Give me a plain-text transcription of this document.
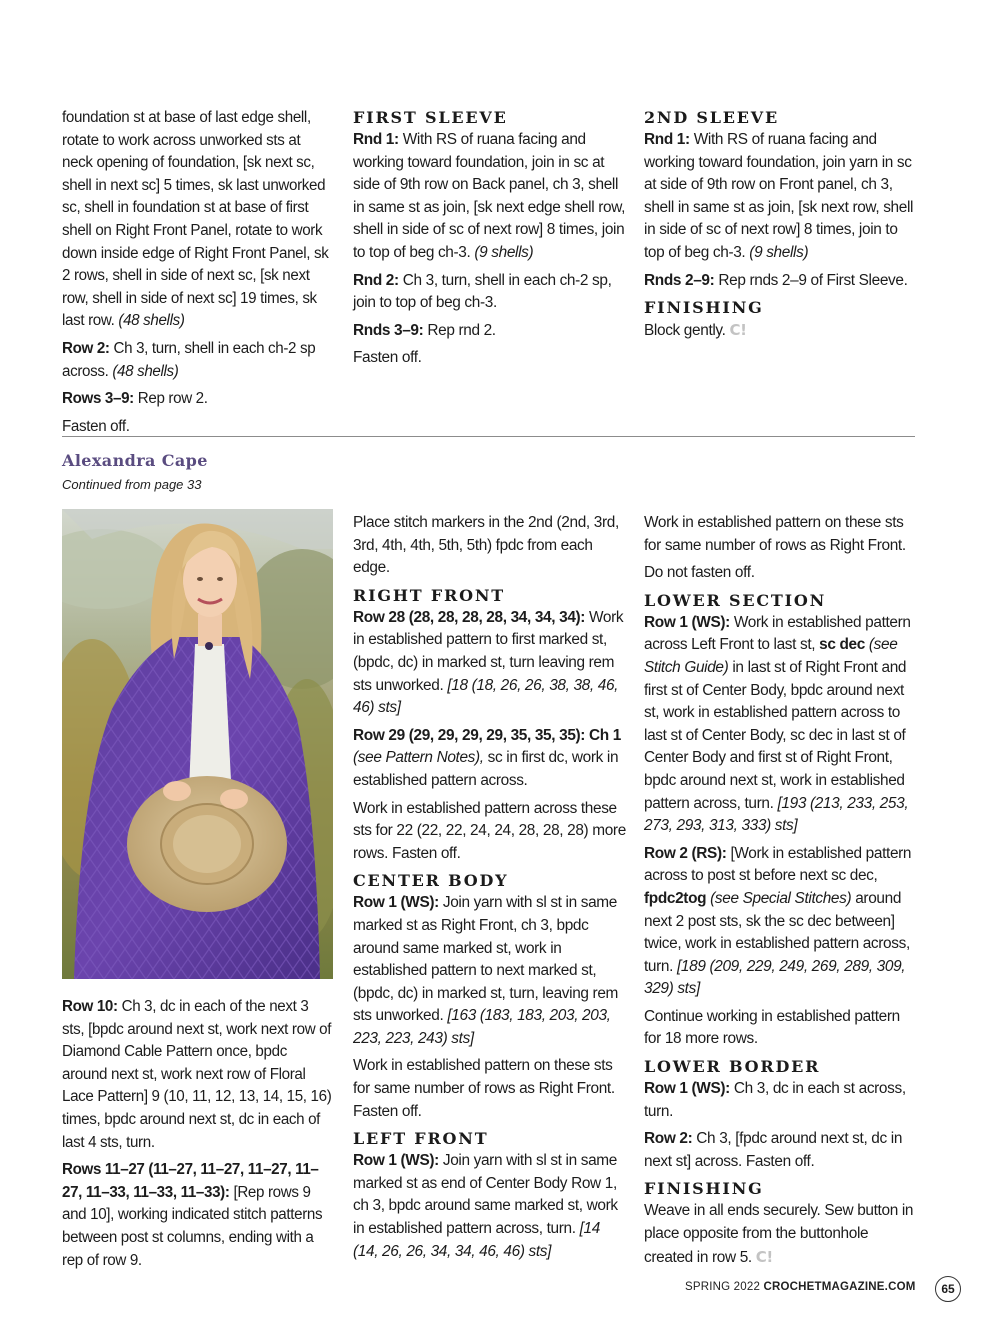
foundation st at base of last edge shell, rotate to work across unworked sts at neck opening of foundation, [sk next sc, shell in next sc] 5 times, sk last unworked sc, shell in foundation st at base of first shell on Right Front Panel, rotate to work down inside edge of Right Front Panel, sk 2 rows, shell in side of next sc, [sk next row, shell in side of next sc] 19 times, sk last row. (48 shells)

Row 2: Ch 3, turn, shell in each ch-2 sp across. (48 shells)

Rows 3–9: Rep row 2.

Fasten off.

FIRST SLEEVE

Rnd 1: With RS of ruana facing and working toward foundation, join in sc at side of 9th row on Back panel, ch 3, shell in same st as join, [sk next edge shell row, shell in side of sc of next row] 8 times, join to top of beg ch-3. (9 shells)

Rnd 2: Ch 3, turn, shell in each ch-2 sp, join to top of beg ch-3.

Rnds 3–9: Rep rnd 2.

Fasten off.

2ND SLEEVE

Rnd 1: With RS of ruana facing and working toward foundation, join yarn in sc at side of 9th row on Front panel, ch 3, shell in same st as join, [sk next row, shell in side of sc of next row] 8 times, join to top of beg ch-3. (9 shells)

Rnds 2–9: Rep rnds 2–9 of First Sleeve.

FINISHING

Block gently. C!

Alexandra Cape
Continued from page 33

Row 10: Ch 3, dc in each of the next 3 sts, [bpdc around next st, work next row of Diamond Cable Pattern once, bpdc around next st, work next row of Floral Lace Pattern] 9 (10, 11, 12, 13, 14, 15, 16) times, bpdc around next st, dc in each of last 4 sts, turn.

Rows 11–27 (11–27, 11–27, 11–27, 11–27, 11–33, 11–33, 11–33): [Rep rows 9 and 10], working indicated stitch patterns between post st columns, ending with a rep of row 9.

Place stitch markers in the 2nd (2nd, 3rd, 3rd, 4th, 4th, 5th, 5th) fpdc from each edge.

RIGHT FRONT

Row 28 (28, 28, 28, 28, 34, 34, 34): Work in established pattern to first marked st, (bpdc, dc) in marked st, turn leaving rem sts unworked. [18 (18, 26, 26, 38, 38, 46, 46) sts]

Row 29 (29, 29, 29, 29, 35, 35, 35): Ch 1 (see Pattern Notes), sc in first dc, work in established pattern across.

Work in established pattern across these sts for 22 (22, 22, 24, 24, 28, 28, 28) more rows. Fasten off.

CENTER BODY

Row 1 (WS): Join yarn with sl st in same marked st as Right Front, ch 3, bpdc around same marked st, work in established pattern to next marked st, (bpdc, dc) in marked st, turn, leaving rem sts unworked. [163 (183, 183, 203, 203, 223, 223, 243) sts]

Work in established pattern on these sts for same number of rows as Right Front. Fasten off.

LEFT FRONT

Row 1 (WS): Join yarn with sl st in same marked st as end of Center Body Row 1, ch 3, bpdc around same marked st, work in established pattern across, turn. [14 (14, 26, 26, 34, 34, 46, 46) sts]

Work in established pattern on these sts for same number of rows as Right Front.

Do not fasten off.

LOWER SECTION

Row 1 (WS): Work in established pattern across Left Front to last st, sc dec (see Stitch Guide) in last st of Right Front and first st of Center Body, bpdc around next st, work in established pattern across to last st of Center Body, sc dec in last st of Center Body and first st of Right Front, bpdc around next st, work in established pattern across, turn. [193 (213, 233, 253, 273, 293, 313, 333) sts]

Row 2 (RS): [Work in established pattern across to post st before next sc dec, fpdc2tog (see Special Stitches) around next 2 post sts, sk the sc dec between] twice, work in established pattern across, turn. [189 (209, 229, 249, 269, 289, 309, 329) sts]

Continue working in established pattern for 18 more rows.

LOWER BORDER

Row 1 (WS): Ch 3, dc in each st across, turn.

Row 2: Ch 3, [fpdc around next st, dc in next st] across. Fasten off.

FINISHING

Weave in all ends securely. Sew button in place opposite from the buttonhole created in row 5. C!

SPRING 2022 CROCHETMAGAZINE.COM	65
